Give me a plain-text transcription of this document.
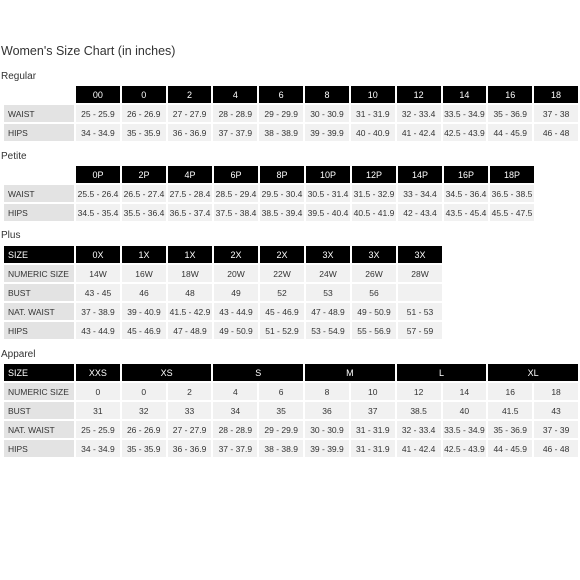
Women's Size Chart (in inches)
Regular
	00	0	2	4	6	8	10	12	14	16	18
WAIST	25 - 25.9	26 - 26.9	27 - 27.9	28 - 28.9	29 - 29.9	30 - 30.9	31 - 31.9	32 - 33.4	33.5 - 34.9	35 - 36.9	37 - 38
HIPS	34 - 34.9	35 - 35.9	36 - 36.9	37 - 37.9	38 - 38.9	39 - 39.9	40 - 40.9	41 - 42.4	42.5 - 43.9	44 - 45.9	46 - 48
Petite
	0P	2P	4P	6P	8P	10P	12P	14P	16P	18P
WAIST	25.5 - 26.4	26.5 - 27.4	27.5 - 28.4	28.5 - 29.4	29.5 - 30.4	30.5 - 31.4	31.5 - 32.9	33 - 34.4	34.5 - 36.4	36.5 - 38.5
HIPS	34.5 - 35.4	35.5 - 36.4	36.5 - 37.4	37.5 - 38.4	38.5 - 39.4	39.5 - 40.4	40.5 - 41.9	42 - 43.4	43.5 - 45.4	45.5 - 47.5
Plus
SIZE	0X	1X	1X	2X	2X	3X	3X	3X
NUMERIC SIZE	14W	16W	18W	20W	22W	24W	26W	28W
BUST	43 - 45	46	48	49	52	53	56	
NAT. WAIST	37 - 38.9	39 - 40.9	41.5 - 42.9	43 - 44.9	45 - 46.9	47 - 48.9	49 - 50.9	51 - 53
HIPS	43 - 44.9	45 - 46.9	47 - 48.9	49 - 50.9	51 - 52.9	53 - 54.9	55 - 56.9	57 - 59
Apparel
SIZE	XXS	XS		S		M		L		XL	
NUMERIC SIZE	0	0	2	4	6	8	10	12	14	16	18
BUST	31	32	33	34	35	36	37	38.5	40	41.5	43
NAT. WAIST	25 - 25.9	26 - 26.9	27 - 27.9	28 - 28.9	29 - 29.9	30 - 30.9	31 - 31.9	32 - 33.4	33.5 - 34.9	35 - 36.9	37 - 39
HIPS	34 - 34.9	35 - 35.9	36 - 36.9	37 - 37.9	38 - 38.9	39 - 39.9	31 - 31.9	41 - 42.4	42.5 - 43.9	44 - 45.9	46 - 48
